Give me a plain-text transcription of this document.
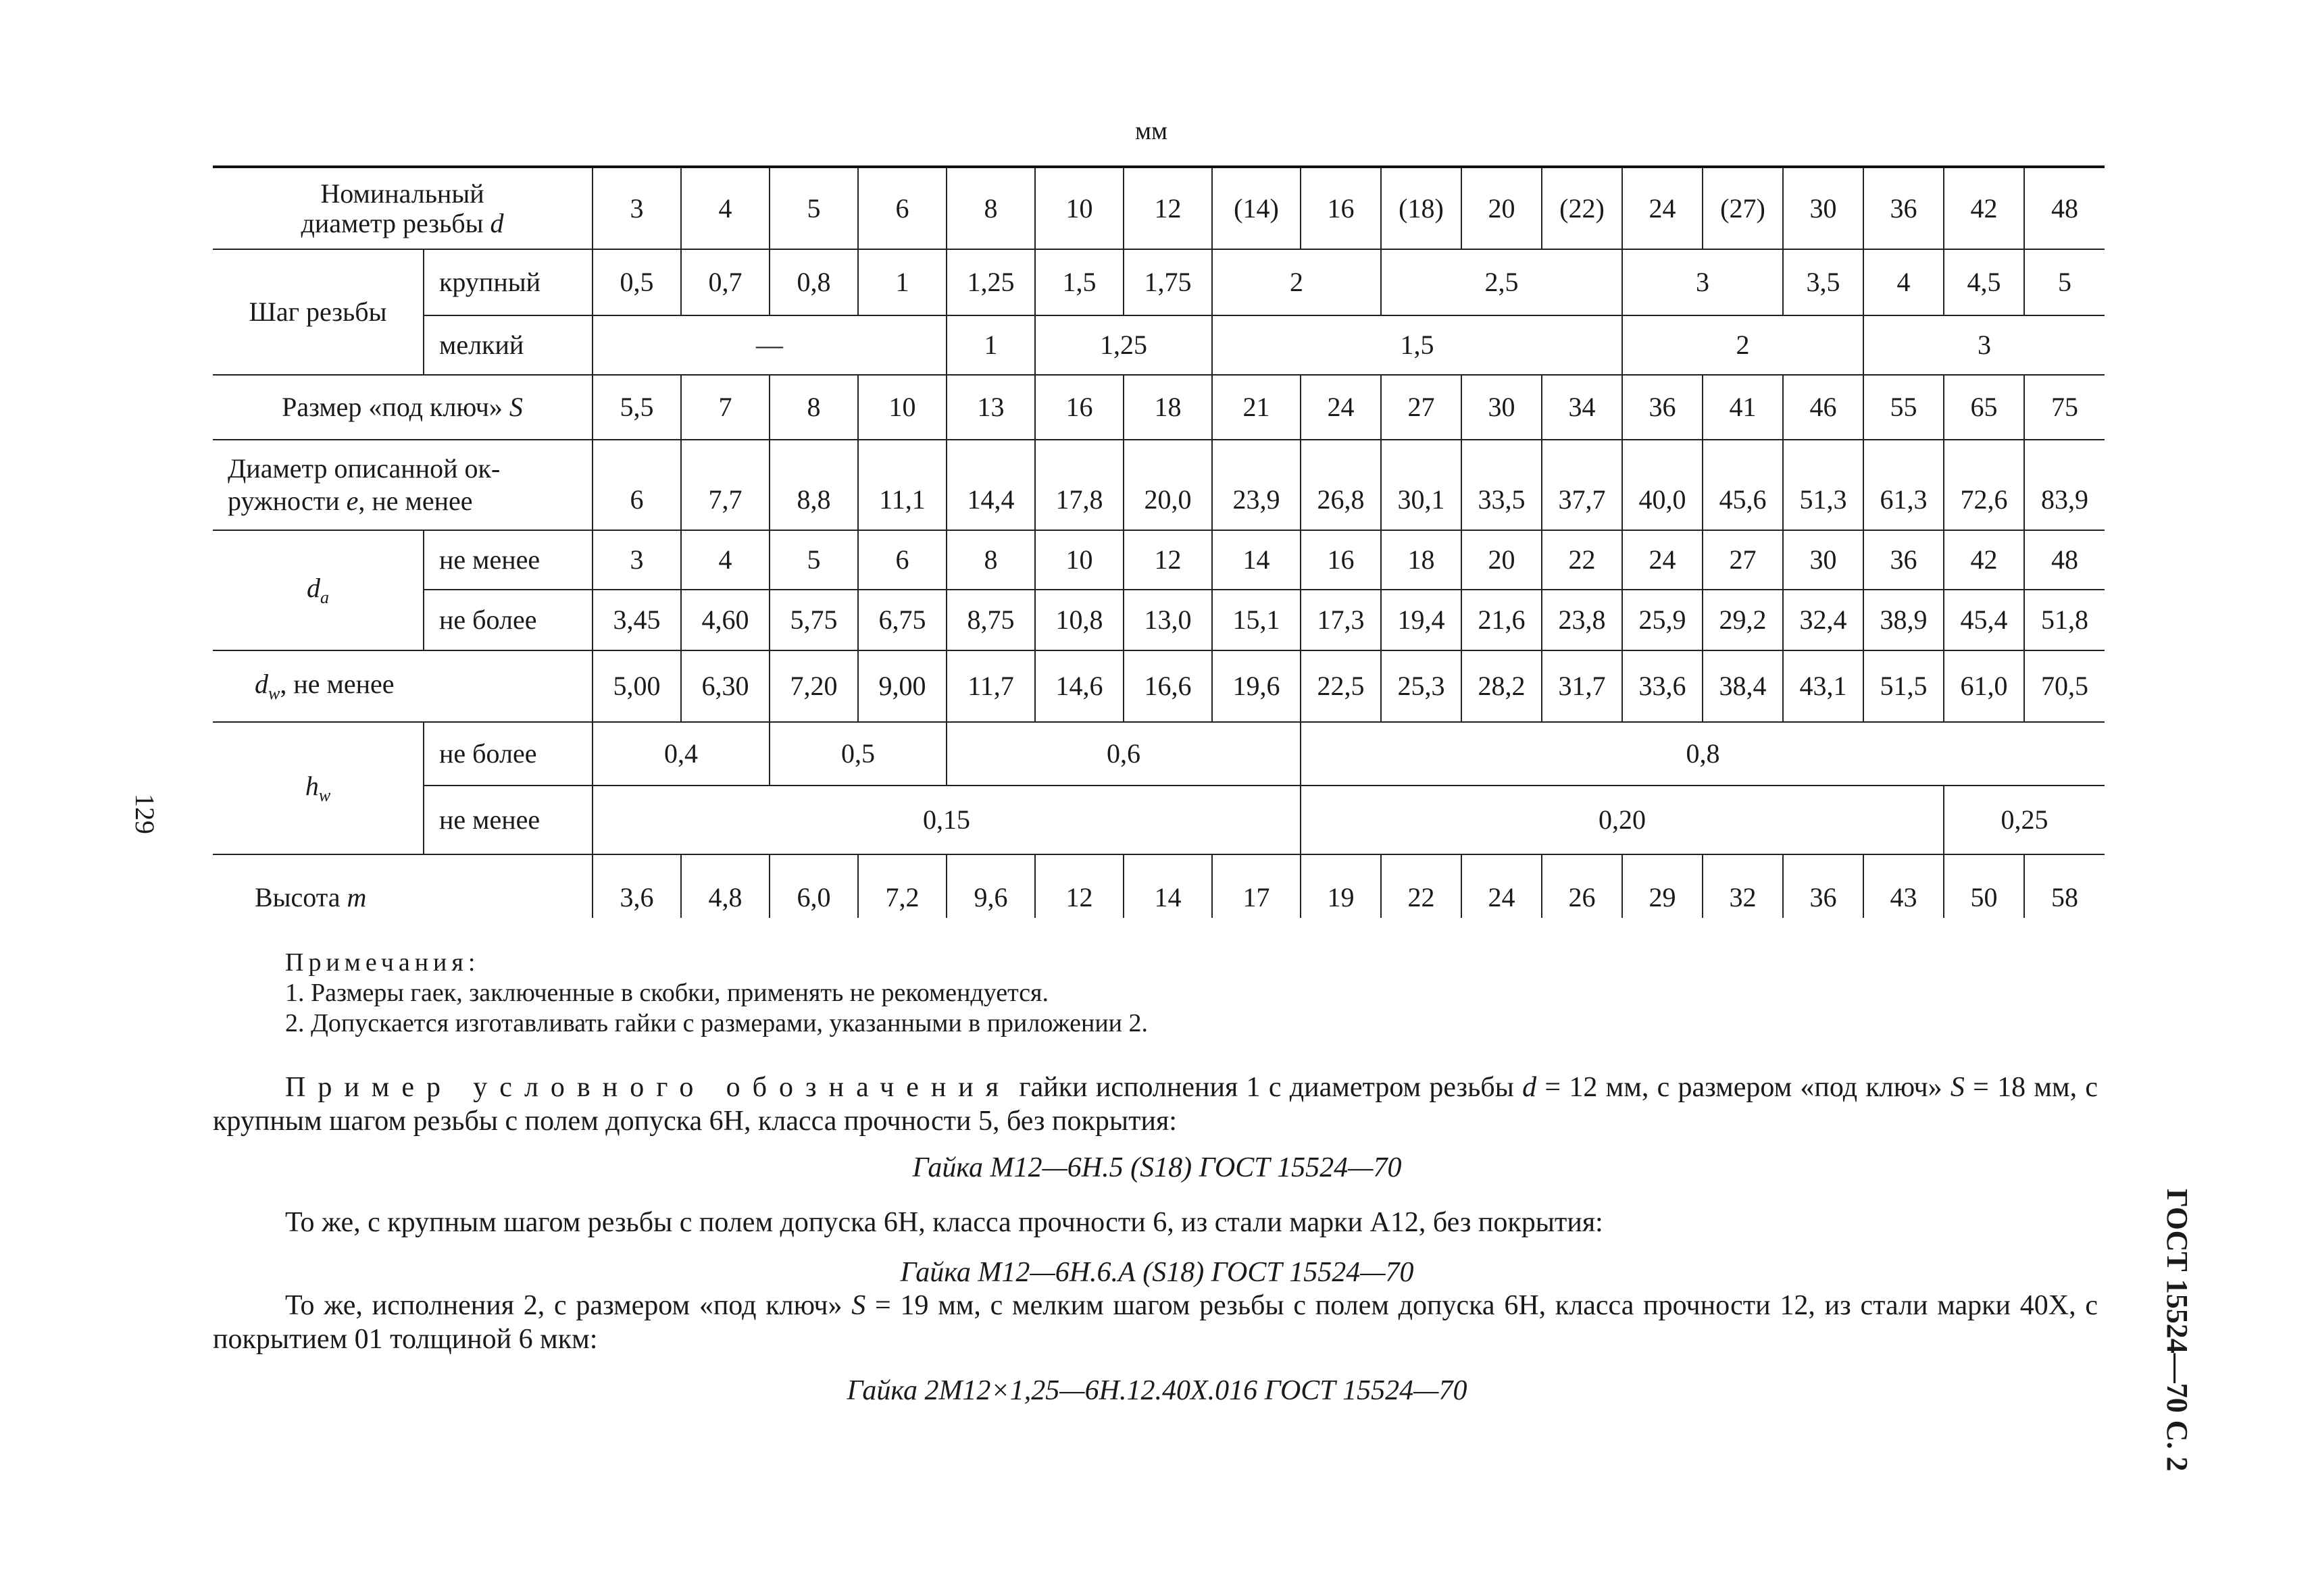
мм
Номинальный
диаметр резьбы d		3	4	5	6	8	10	12	(14)	16	(18)	20	(22)	24	(27)	30	36	42	48
Шаг резьбы	крупный	0,5	0,7	0,8	1	1,25	1,5	1,75	2		2,5			3		3,5	4	4,5	5
	мелкий	—				1	1,25		1,5					2			3		
Размер «под ключ» S		5,5	7	8	10	13	16	18	21	24	27	30	34	36	41	46	55	65	75
Диаметр описанной ок-
ружности e, не менее		6	7,7	8,8	11,1	14,4	17,8	20,0	23,9	26,8	30,1	33,5	37,7	40,0	45,6	51,3	61,3	72,6	83,9
$d_a$	не менее	3	4	5	6	8	10	12	14	16	18	20	22	24	27	30	36	42	48
	не более	3,45	4,60	5,75	6,75	8,75	10,8	13,0	15,1	17,3	19,4	21,6	23,8	25,9	29,2	32,4	38,9	45,4	51,8
$d_w$, не менее		5,00	6,30	7,20	9,00	11,7	14,6	16,6	19,6	22,5	25,3	28,2	31,7	33,6	38,4	43,1	51,5	61,0	70,5
$h_w$	не более	0,4		0,5		0,6				0,8									
	не менее	0,15								0,20								0,25	
Высота m		3,6	4,8	6,0	7,2	9,6	12	14	17	19	22	24	26	29	32	36	43	50	58
129
ГОСТ 15524—70 С. 2
Примечания:
1. Размеры гаек, заключенные в скобки, применять не рекомендуется.
2. Допускается изготавливать гайки с размерами, указанными в приложении 2.
Пример условного обозначения гайки исполнения 1 с диаметром резьбы d = 12 мм, с размером «под ключ» S = 18 мм, с крупным шагом резьбы с полем допуска 6H, класса прочности 5, без покрытия:
Гайка М12—6Н.5 (S18) ГОСТ 15524—70
То же, с крупным шагом резьбы с полем допуска 6Н, класса прочности 6, из стали марки А12, без покрытия:
Гайка М12—6Н.6.А (S18) ГОСТ 15524—70
То же, исполнения 2, с размером «под ключ» S = 19 мм, с мелким шагом резьбы с полем допуска 6Н, класса прочности 12, из стали марки 40Х, с покрытием 01 толщиной 6 мкм:
Гайка 2М12×1,25—6Н.12.40Х.016 ГОСТ 15524—70
